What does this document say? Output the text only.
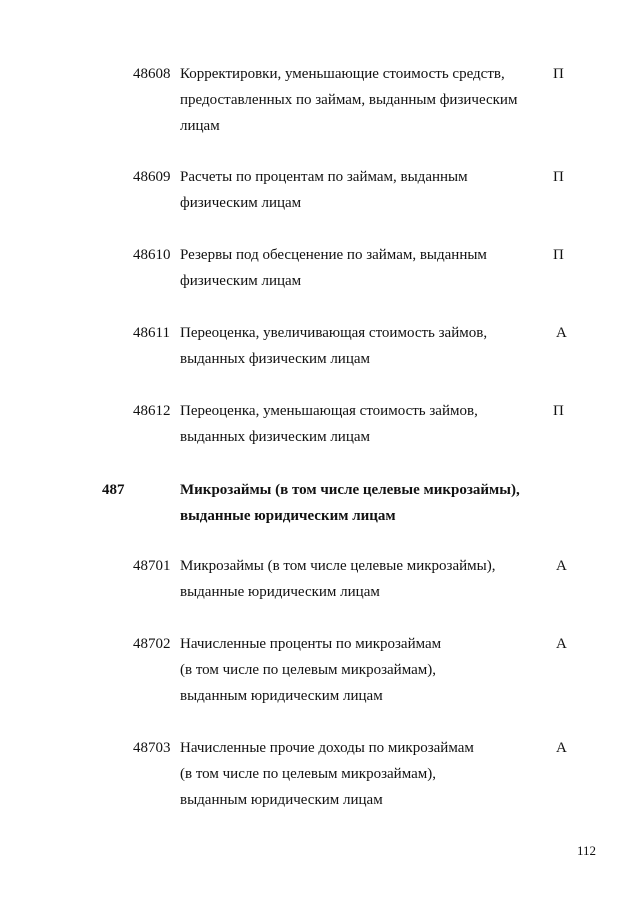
48608 Корректировки, уменьшающие стоимость средств,
предоставленных по займам, выданным физическим
лицам
П
48609 Расчеты по процентам по займам, выданным
физическим лицам
П
48610 Резервы под обесценение по займам, выданным
физическим лицам
П
48611 Переоценка, увеличивающая стоимость займов,
выданных физическим лицам
А
48612 Переоценка, уменьшающая стоимость займов,
выданных физическим лицам
П
487	Микрозаймы (в том числе целевые микрозаймы),
выданные юридическим лицам
48701 Микрозаймы (в том числе целевые микрозаймы),
выданные юридическим лицам
А
48702 Начисленные проценты по микрозаймам
(в том числе по целевым микрозаймам),
выданным юридическим лицам
А
48703 Начисленные прочие доходы по микрозаймам
(в том числе по целевым микрозаймам),
выданным юридическим лицам
А
112
